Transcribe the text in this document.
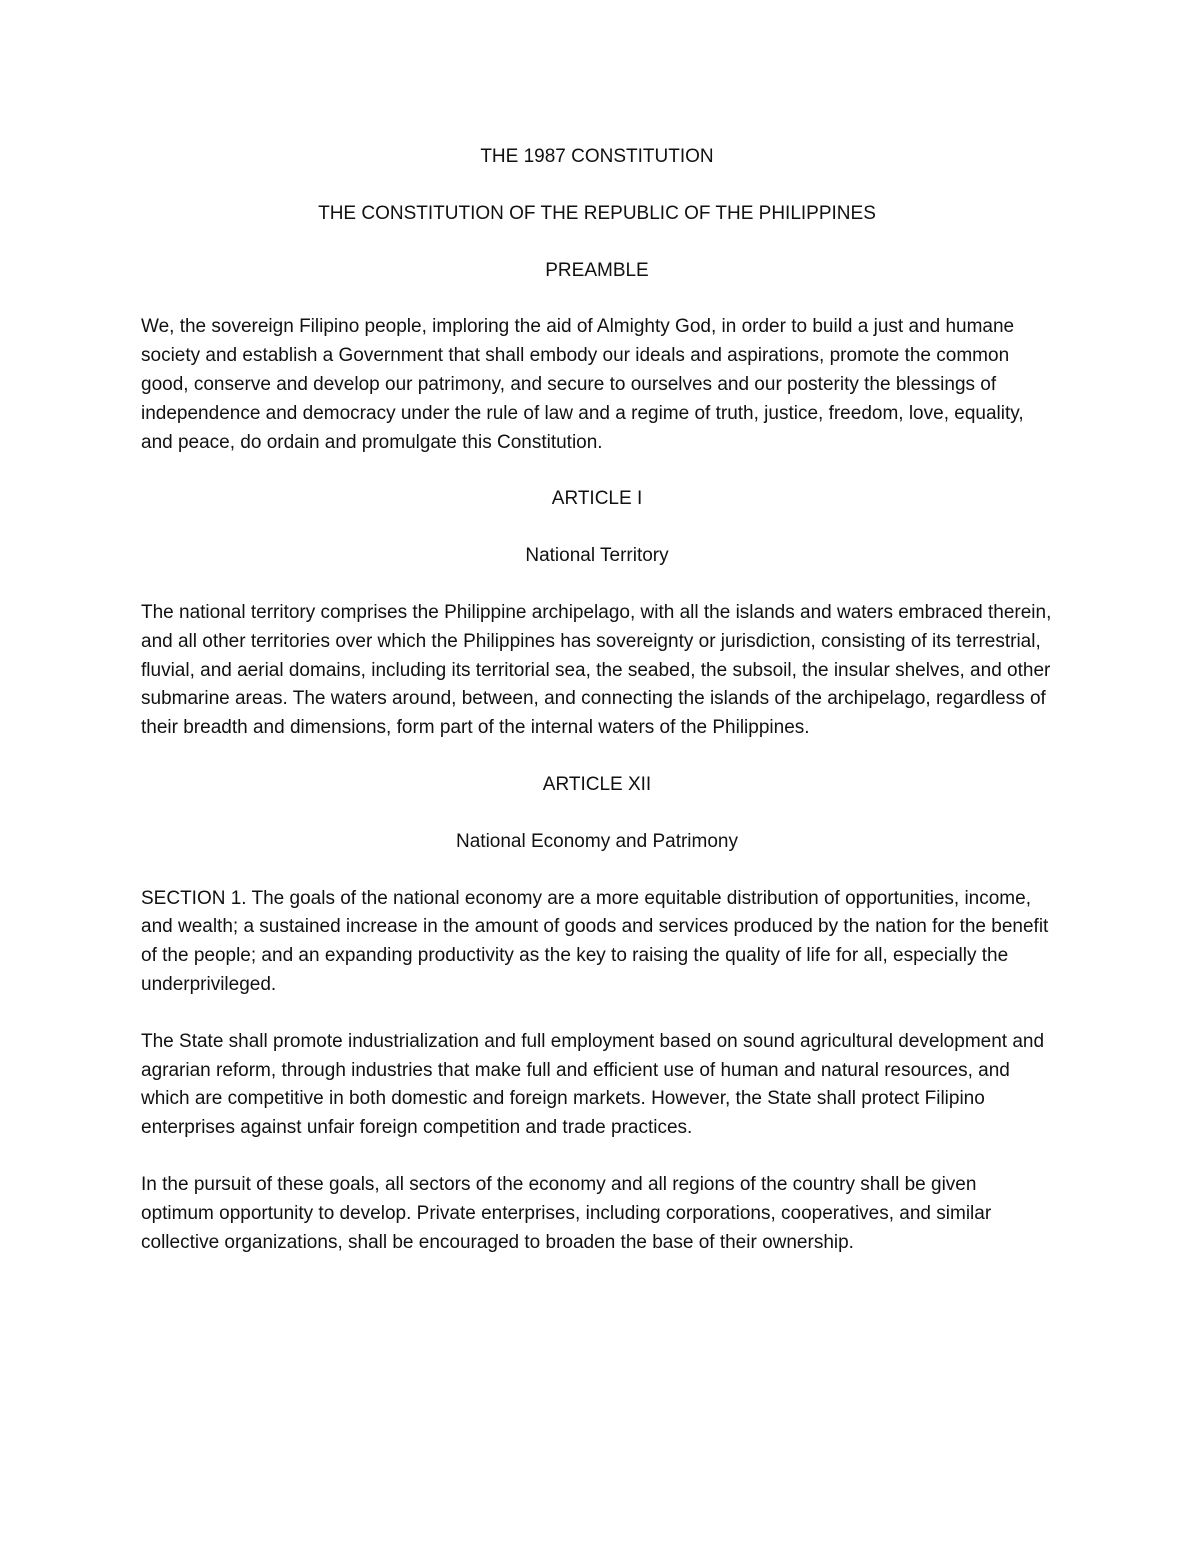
THE 1987 CONSTITUTION
THE CONSTITUTION OF THE REPUBLIC OF THE PHILIPPINES
PREAMBLE

We, the sovereign Filipino people, imploring the aid of Almighty God, in order to build a just and humane society and establish a Government that shall embody our ideals and aspirations, promote the common good, conserve and develop our patrimony, and secure to ourselves and our posterity the blessings of independence and democracy under the rule of law and a regime of truth, justice, freedom, love, equality, and peace, do ordain and promulgate this Constitution.

ARTICLE I
National Territory

The national territory comprises the Philippine archipelago, with all the islands and waters embraced therein, and all other territories over which the Philippines has sovereignty or jurisdiction, consisting of its terrestrial, fluvial, and aerial domains, including its territorial sea, the seabed, the subsoil, the insular shelves, and other submarine areas. The waters around, between, and connecting the islands of the archipelago, regardless of their breadth and dimensions, form part of the internal waters of the Philippines.

ARTICLE XII
National Economy and Patrimony

SECTION 1. The goals of the national economy are a more equitable distribution of opportunities, income, and wealth; a sustained increase in the amount of goods and services produced by the nation for the benefit of the people; and an expanding productivity as the key to raising the quality of life for all, especially the underprivileged.

The State shall promote industrialization and full employment based on sound agricultural development and agrarian reform, through industries that make full and efficient use of human and natural resources, and which are competitive in both domestic and foreign markets. However, the State shall protect Filipino enterprises against unfair foreign competition and trade practices.

In the pursuit of these goals, all sectors of the economy and all regions of the country shall be given optimum opportunity to develop. Private enterprises, including corporations, cooperatives, and similar collective organizations, shall be encouraged to broaden the base of their ownership.
